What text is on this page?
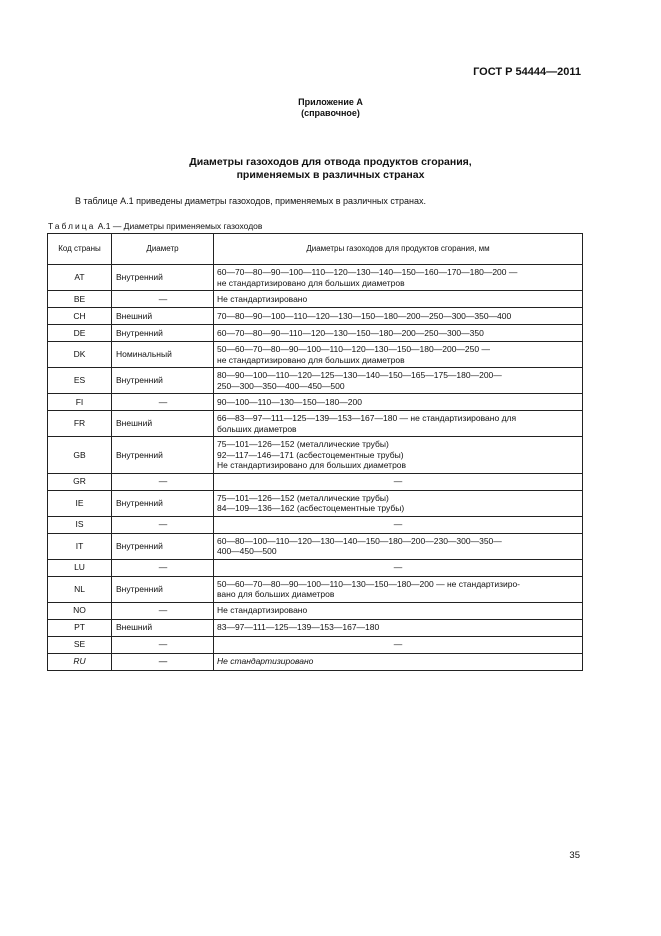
ГОСТ Р 54444—2011
Приложение А
(справочное)
Диаметры газоходов для отвода продуктов сгорания,
применяемых в различных странах
В таблице А.1 приведены диаметры газоходов, применяемых в различных странах.
Таблица А.1 — Диаметры применяемых газоходов
Код страны	Диаметр	Диаметры газоходов для продуктов сгорания, мм
AT	Внутренний	60—70—80—90—100—110—120—130—140—150—160—170—180—200 —
не стандартизировано для больших диаметров

BE	—	Не стандартизировано

CH	Внешний	70—80—90—100—110—120—130—150—180—200—250—300—350—400

DE	Внутренний	60—70—80—90—110—120—130—150—180—200—250—300—350

DK	Номинальный	50—60—70—80—90—100—110—120—130—150—180—200—250 —
не стандартизировано для больших диаметров

ES	Внутренний	80—90—100—110—120—125—130—140—150—165—175—180—200—
250—300—350—400—450—500

FI	—	90—100—110—130—150—180—200

FR	Внешний	66—83—97—111—125—139—153—167—180 — не стандартизировано для
больших диаметров

GB	Внутренний	75—101—126—152 (металлические трубы)
92—117—146—171 (асбестоцементные трубы)
Не стандартизировано для больших диаметров

GR	—	—

IE	Внутренний	75—101—126—152 (металлические трубы)
84—109—136—162 (асбестоцементные трубы)

IS	—	—

IT	Внутренний	60—80—100—110—120—130—140—150—180—200—230—300—350—
400—450—500

LU	—	—

NL	Внутренний	50—60—70—80—90—100—110—130—150—180—200 — не стандартизиро-
вано для больших диаметров

NO	—	Не стандартизировано

PT	Внешний	83—97—111—125—139—153—167—180

SE	—	—

RU	—	Не стандартизировано
35
